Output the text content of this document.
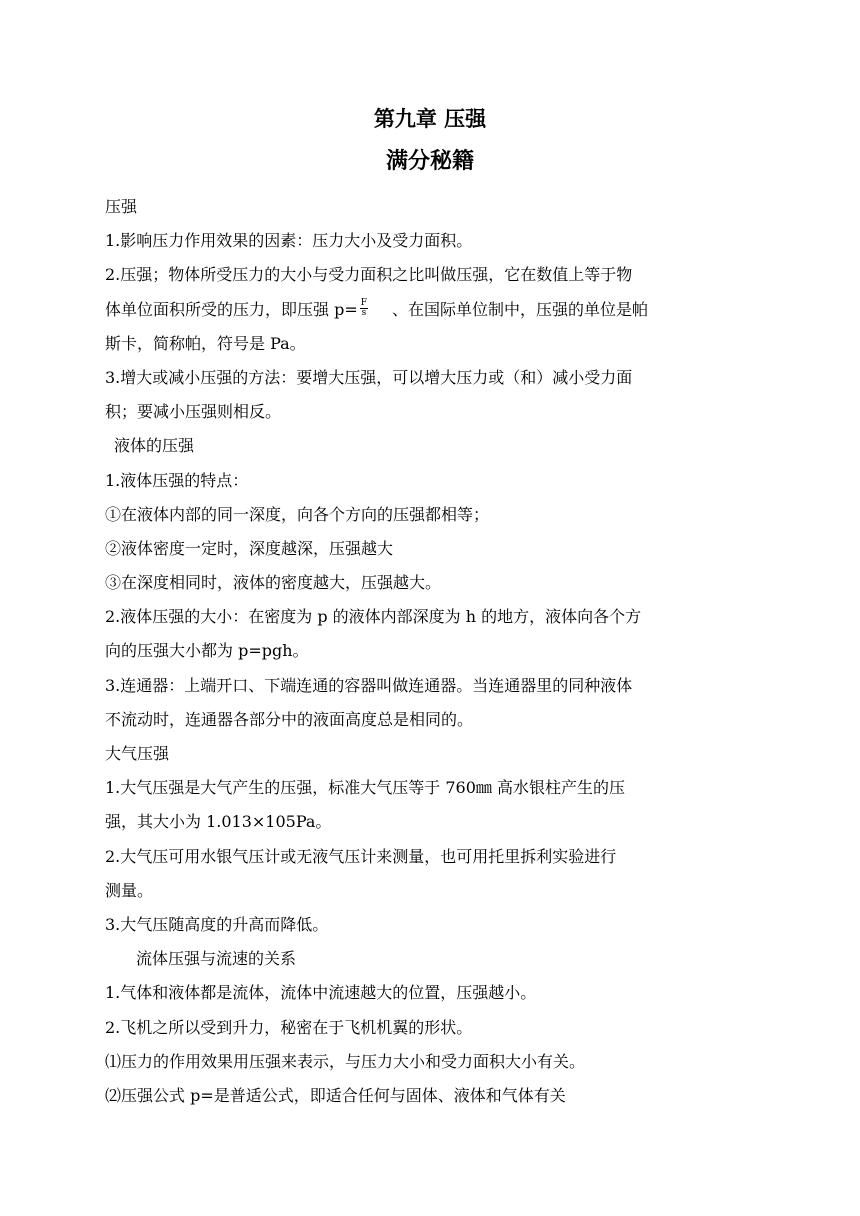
第九章 压强
满分秘籍
压强
1.影响压力作用效果的因素：压力大小及受力面积。
2.压强；物体所受压力的大小与受力面积之比叫做压强，它在数值上等于物
体单位面积所受的压力，即压强 $p= \frac{F}{s}$ 、在国际单位制中，压强的单位是帕
斯卡，简称帕，符号是 Pa。
3.增大或减小压强的方法：要增大压强，可以增大压力或（和）减小受力面
积；要减小压强则相反。
液体的压强
1.液体压强的特点：
①在液体内部的同一深度，向各个方向的压强都相等；
②液体密度一定时，深度越深，压强越大
③在深度相同时，液体的密度越大，压强越大。
2.液体压强的大小：在密度为 p 的液体内部深度为 h 的地方，液体向各个方
向的压强大小都为 p=pgh。
3.连通器：上端开口、下端连通的容器叫做连通器。当连通器里的同种液体
不流动时，连通器各部分中的液面高度总是相同的。
大气压强
1.大气压强是大气产生的压强，标准大气压等于 760㎜ 高水银柱产生的压
强，其大小为 1.013×105Pa。
2.大气压可用水银气压计或无液气压计来测量，也可用托里拆利实验进行
测量。
3.大气压随高度的升高而降低。
流体压强与流速的关系
1.气体和液体都是流体，流体中流速越大的位置，压强越小。
2.飞机之所以受到升力，秘密在于飞机机翼的形状。
⑴压力的作用效果用压强来表示，与压力大小和受力面积大小有关。
⑵压强公式 p=是普适公式，即适合任何与固体、液体和气体有关
